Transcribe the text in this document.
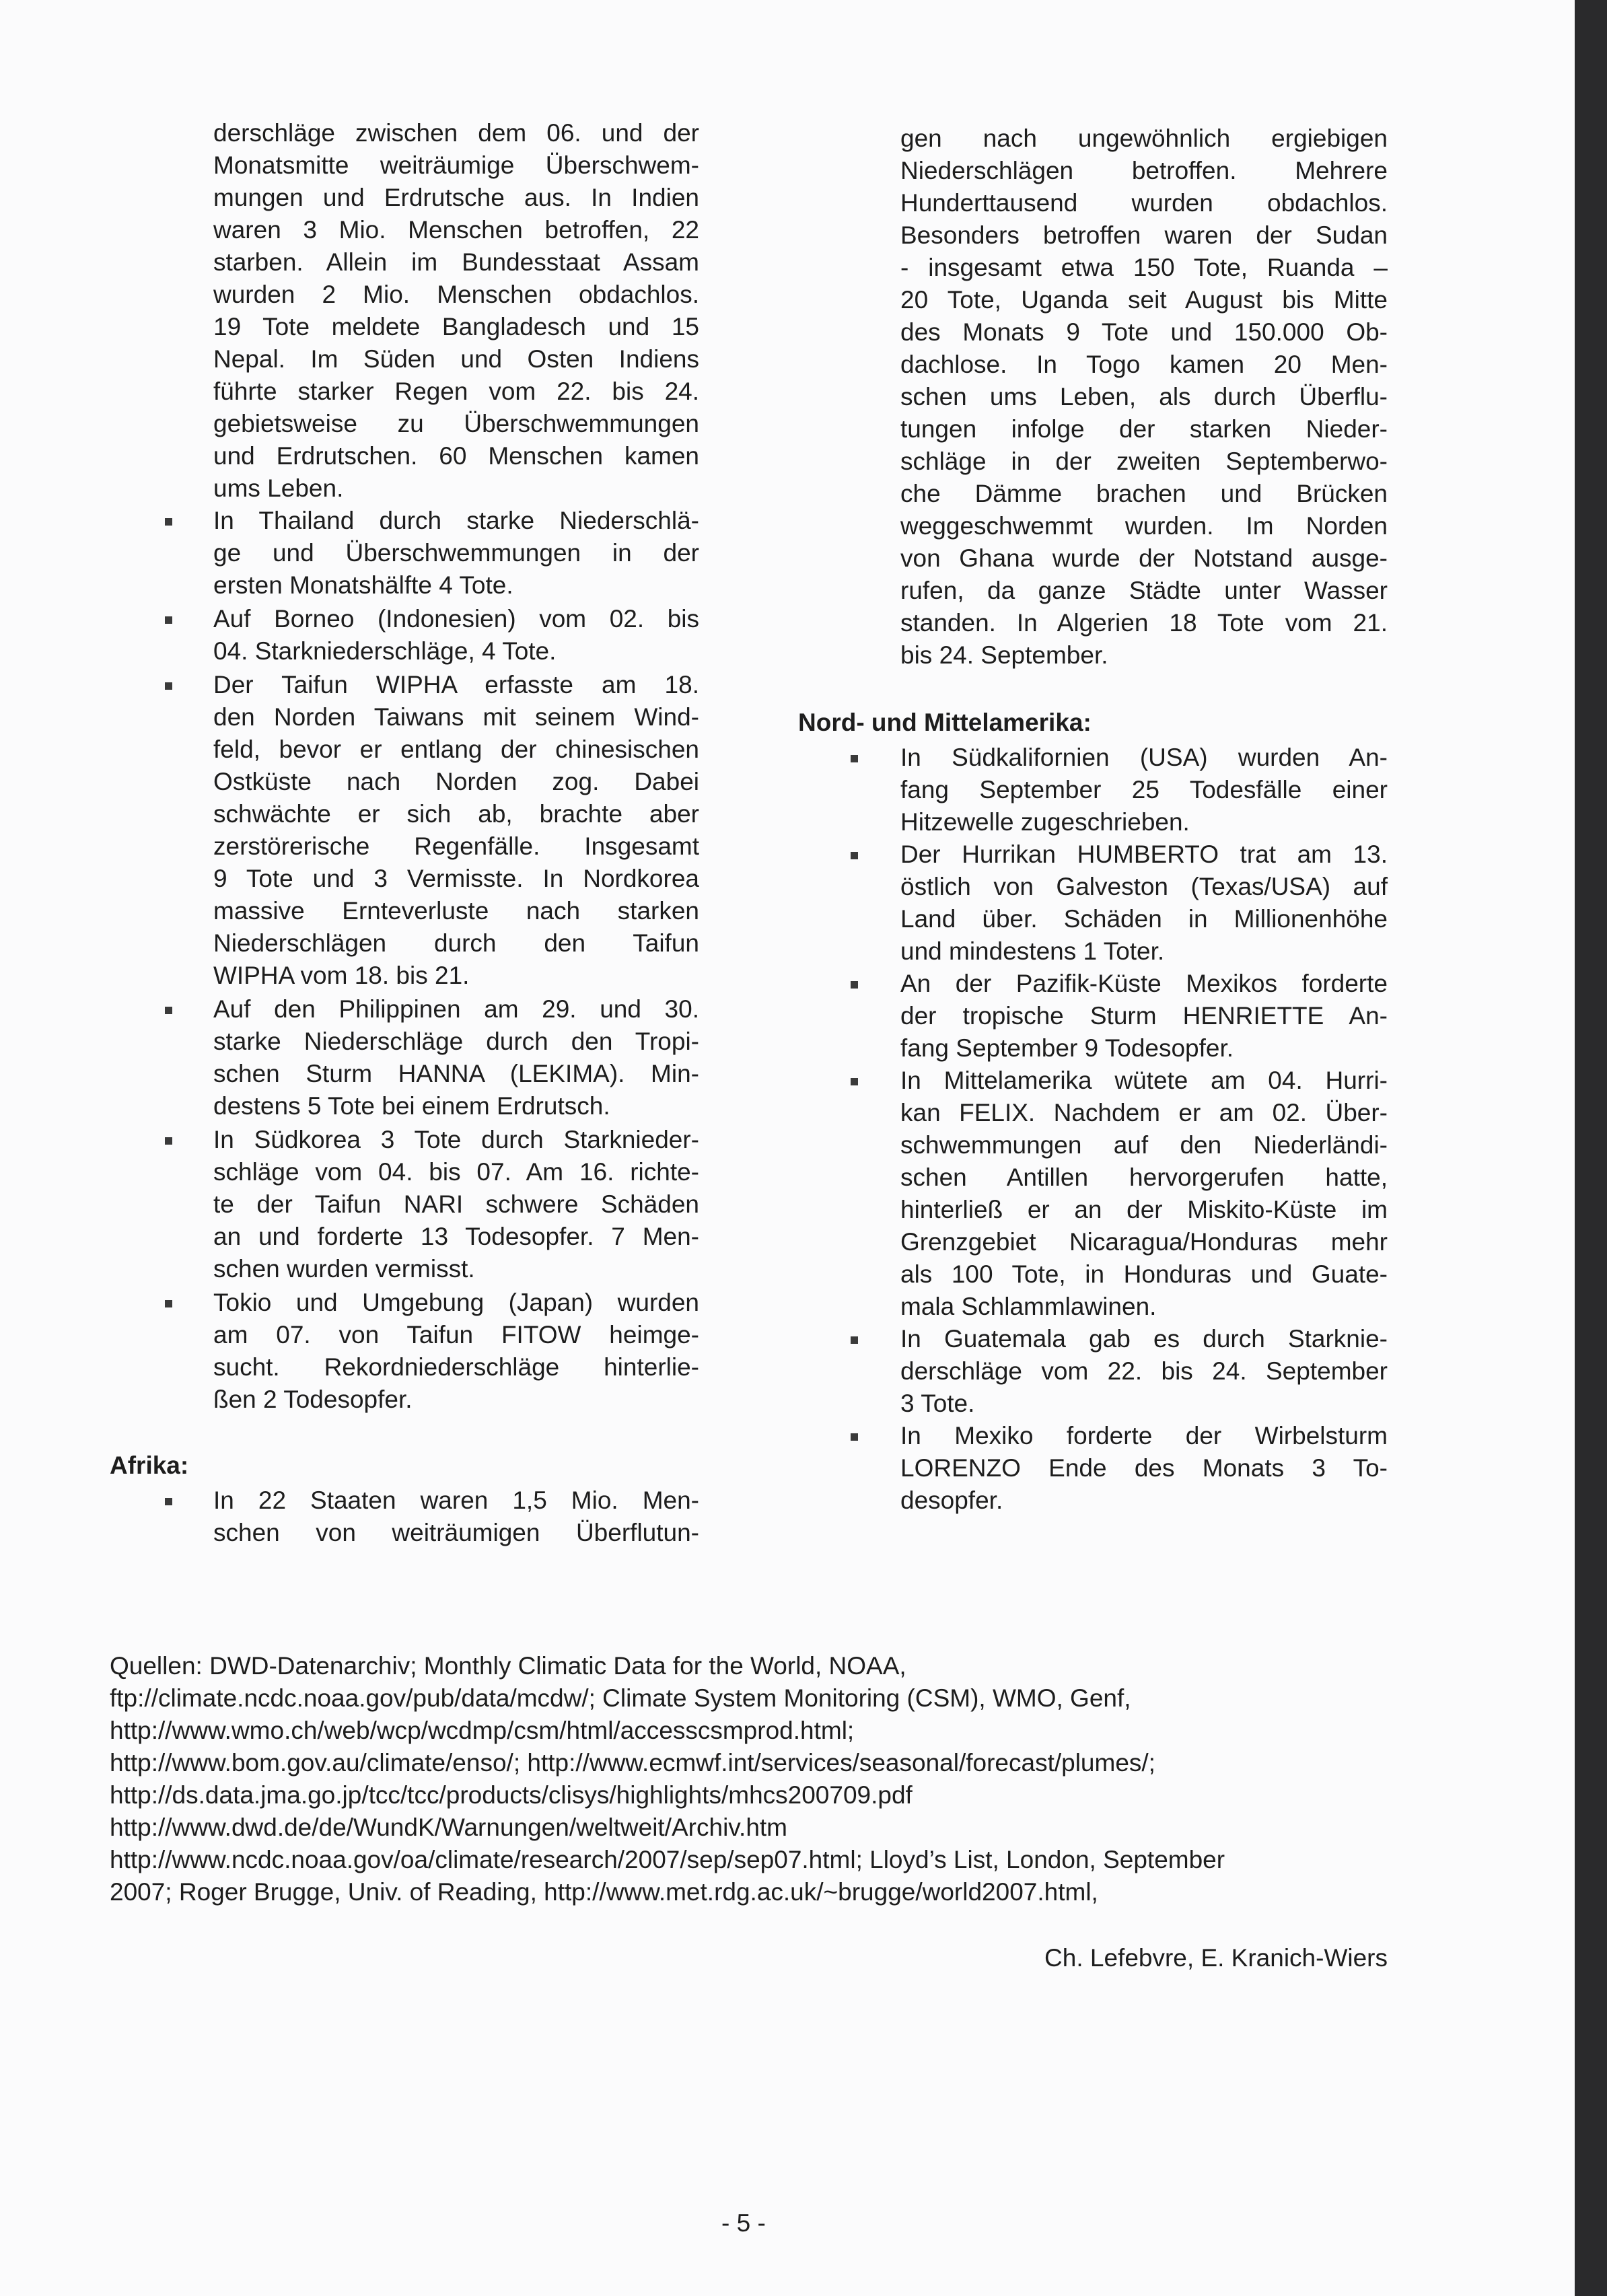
derschläge zwischen dem 06. und der
Monatsmitte weiträumige Überschwem-
mungen und Erdrutsche aus. In Indien
waren 3 Mio. Menschen betroffen, 22
starben. Allein im Bundesstaat Assam
wurden 2 Mio. Menschen obdachlos.
19 Tote meldete Bangladesch und 15
Nepal. Im Süden und Osten Indiens
führte starker Regen vom 22. bis 24.
gebietsweise zu Überschwemmungen
und Erdrutschen. 60 Menschen kamen
ums Leben.
In Thailand durch starke Niederschlä-
ge und Überschwemmungen in der
ersten Monatshälfte 4 Tote.
Auf Borneo (Indonesien) vom 02. bis
04. Starkniederschläge, 4 Tote.
Der Taifun WIPHA erfasste am 18.
den Norden Taiwans mit seinem Wind-
feld, bevor er entlang der chinesischen
Ostküste nach Norden zog. Dabei
schwächte er sich ab, brachte aber
zerstörerische Regenfälle. Insgesamt
9 Tote und 3 Vermisste. In Nordkorea
massive Ernteverluste nach starken
Niederschlägen durch den Taifun
WIPHA vom 18. bis 21.
Auf den Philippinen am 29. und 30.
starke Niederschläge durch den Tropi-
schen Sturm HANNA (LEKIMA). Min-
destens 5 Tote bei einem Erdrutsch.
In Südkorea 3 Tote durch Starknieder-
schläge vom 04. bis 07. Am 16. richte-
te der Taifun NARI schwere Schäden
an und forderte 13 Todesopfer. 7 Men-
schen wurden vermisst.
Tokio und Umgebung (Japan) wurden
am 07. von Taifun FITOW heimge-
sucht. Rekordniederschläge hinterlie-
ßen 2 Todesopfer.
Afrika:
In 22 Staaten waren 1,5 Mio. Men-
schen von weiträumigen Überflutun-
gen nach ungewöhnlich ergiebigen
Niederschlägen betroffen. Mehrere
Hunderttausend wurden obdachlos.
Besonders betroffen waren der Sudan
- insgesamt etwa 150 Tote, Ruanda –
20 Tote, Uganda seit August bis Mitte
des Monats 9 Tote und 150.000 Ob-
dachlose. In Togo kamen 20 Men-
schen ums Leben, als durch Überflu-
tungen infolge der starken Nieder-
schläge in der zweiten Septemberwo-
che Dämme brachen und Brücken
weggeschwemmt wurden. Im Norden
von Ghana wurde der Notstand ausge-
rufen, da ganze Städte unter Wasser
standen. In Algerien 18 Tote vom 21.
bis 24. September.
Nord- und Mittelamerika:
In Südkalifornien (USA) wurden An-
fang September 25 Todesfälle einer
Hitzewelle zugeschrieben.
Der Hurrikan HUMBERTO trat am 13.
östlich von Galveston (Texas/USA) auf
Land über. Schäden in Millionenhöhe
und mindestens 1 Toter.
An der Pazifik-Küste Mexikos forderte
der tropische Sturm HENRIETTE An-
fang September 9 Todesopfer.
In Mittelamerika wütete am 04. Hurri-
kan FELIX. Nachdem er am 02. Über-
schwemmungen auf den Niederländi-
schen Antillen hervorgerufen hatte,
hinterließ er an der Miskito-Küste im
Grenzgebiet Nicaragua/Honduras mehr
als 100 Tote, in Honduras und Guate-
mala Schlammlawinen.
In Guatemala gab es durch Starknie-
derschläge vom 22. bis 24. September
3 Tote.
In Mexiko forderte der Wirbelsturm
LORENZO Ende des Monats 3 To-
desopfer.
Quellen: DWD-Datenarchiv; Monthly Climatic Data for the World, NOAA,
ftp://climate.ncdc.noaa.gov/pub/data/mcdw/; Climate System Monitoring (CSM), WMO, Genf,
http://www.wmo.ch/web/wcp/wcdmp/csm/html/accesscsmprod.html;
http://www.bom.gov.au/climate/enso/; http://www.ecmwf.int/services/seasonal/forecast/plumes/;
http://ds.data.jma.go.jp/tcc/tcc/products/clisys/highlights/mhcs200709.pdf
http://www.dwd.de/de/WundK/Warnungen/weltweit/Archiv.htm
http://www.ncdc.noaa.gov/oa/climate/research/2007/sep/sep07.html; Lloyd’s List, London, September
2007; Roger Brugge, Univ. of Reading, http://www.met.rdg.ac.uk/~brugge/world2007.html,
Ch. Lefebvre, E. Kranich-Wiers
- 5 -
